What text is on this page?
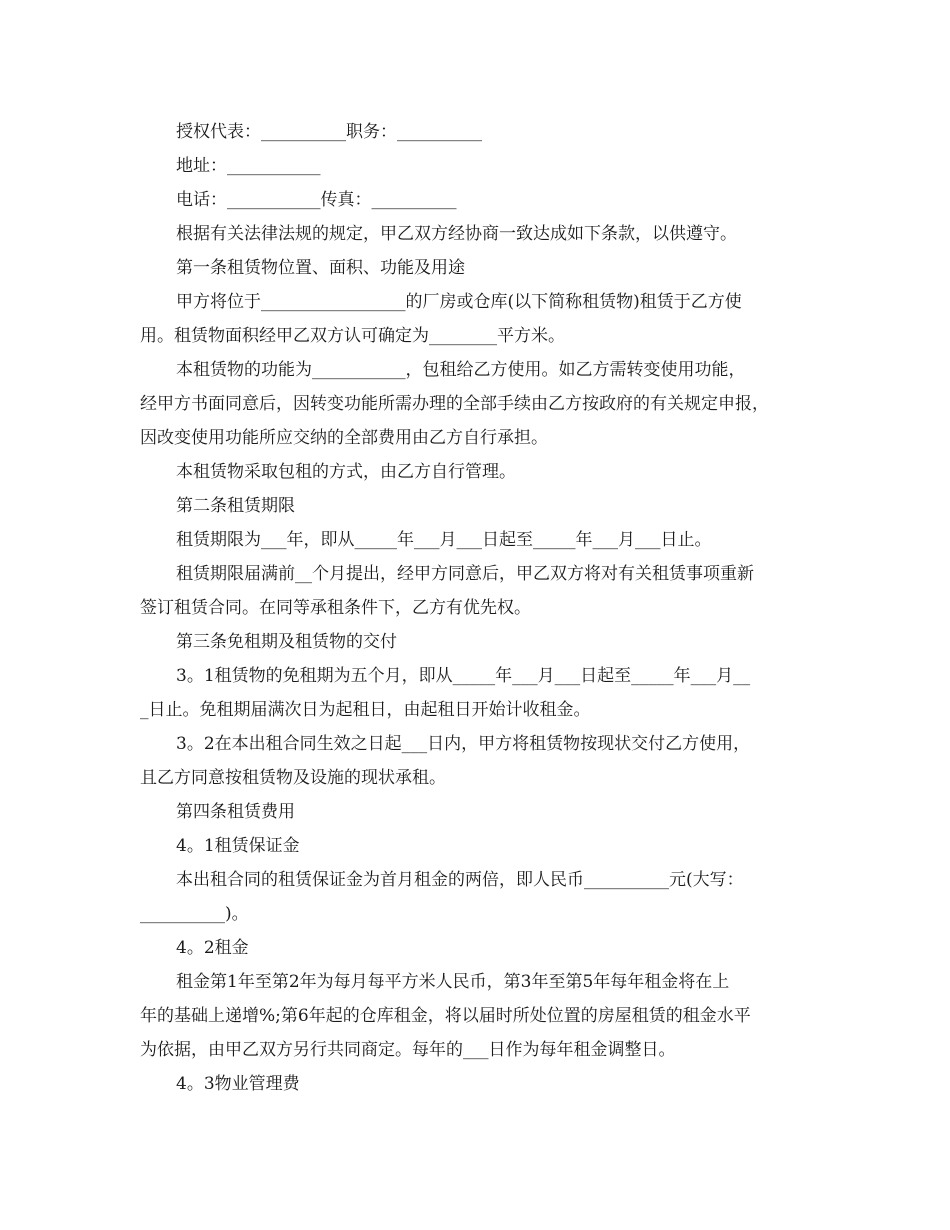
授权代表：__________职务：__________
地址：___________
电话：___________传真：__________
根据有关法律法规的规定，甲乙双方经协商一致达成如下条款，以供遵守。
第一条租赁物位置、面积、功能及用途
甲方将位于_________________的厂房或仓库(以下简称租赁物)租赁于乙方使
用。租赁物面积经甲乙双方认可确定为________平方米。
本租赁物的功能为___________，包租给乙方使用。如乙方需转变使用功能，
经甲方书面同意后，因转变功能所需办理的全部手续由乙方按政府的有关规定申报，
因改变使用功能所应交纳的全部费用由乙方自行承担。
本租赁物采取包租的方式，由乙方自行管理。
第二条租赁期限
租赁期限为___年，即从_____年___月___日起至_____年___月___日止。
租赁期限届满前__个月提出，经甲方同意后，甲乙双方将对有关租赁事项重新
签订租赁合同。在同等承租条件下，乙方有优先权。
第三条免租期及租赁物的交付
3。1租赁物的免租期为五个月，即从_____年___月___日起至_____年___月__
_日止。免租期届满次日为起租日，由起租日开始计收租金。
3。2在本出租合同生效之日起___日内，甲方将租赁物按现状交付乙方使用，
且乙方同意按租赁物及设施的现状承租。
第四条租赁费用
4。1租赁保证金
本出租合同的租赁保证金为首月租金的两倍，即人民币__________元(大写：
__________)。
4。2租金
租金第1年至第2年为每月每平方米人民币，第3年至第5年每年租金将在上
年的基础上递增%;第6年起的仓库租金，将以届时所处位置的房屋租赁的租金水平
为依据，由甲乙双方另行共同商定。每年的___日作为每年租金调整日。
4。3物业管理费
